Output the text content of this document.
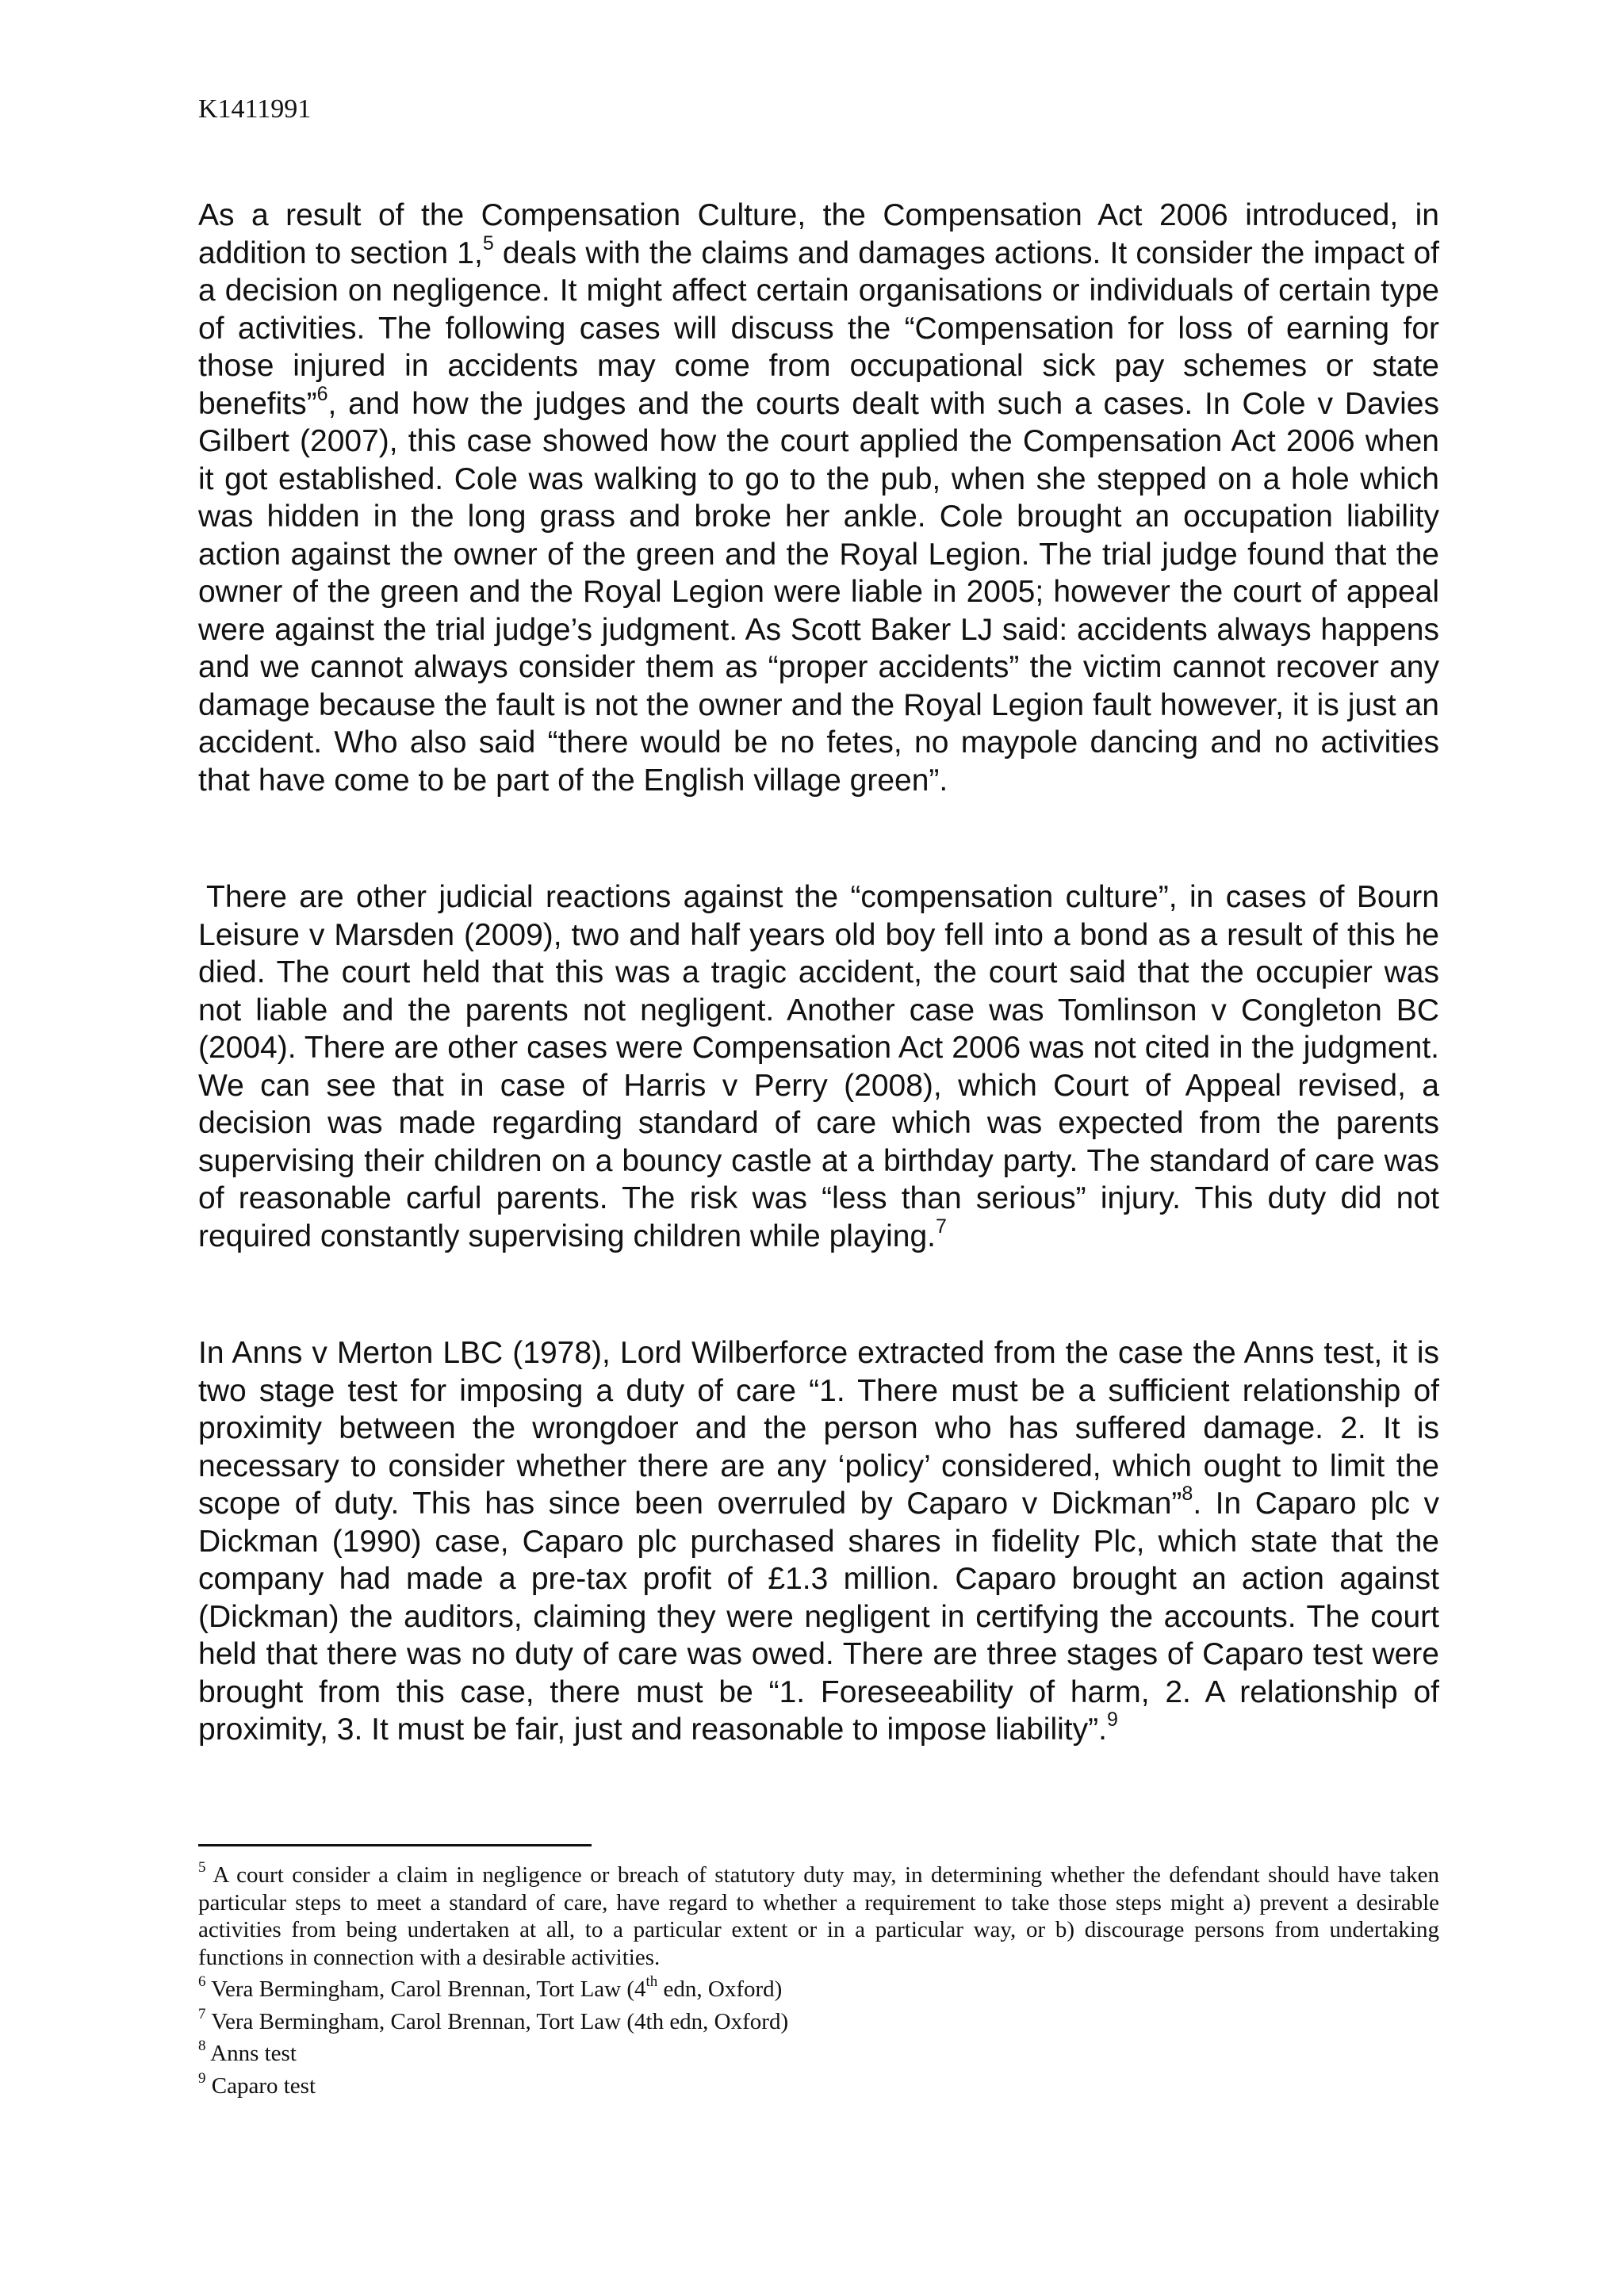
K1411991

As a result of the Compensation Culture, the Compensation Act 2006 introduced, in addition to section 1,$^5$ deals with the claims and damages actions. It consider the impact of a decision on negligence. It might affect certain organisations or individuals of certain type of activities. The following cases will discuss the “Compensation for loss of earning for those injured in accidents may come from occupational sick pay schemes or state benefits”$^6$, and how the judges and the courts dealt with such a cases. In Cole v Davies Gilbert (2007), this case showed how the court applied the Compensation Act 2006 when it got established. Cole was walking to go to the pub, when she stepped on a hole which was hidden in the long grass and broke her ankle. Cole brought an occupation liability action against the owner of the green and the Royal Legion. The trial judge found that the owner of the green and the Royal Legion were liable in 2005; however the court of appeal were against the trial judge’s judgment. As Scott Baker LJ said: accidents always happens and we cannot always consider them as “proper accidents” the victim cannot recover any damage because the fault is not the owner and the Royal Legion fault however, it is just an accident. Who also said “there would be no fetes, no maypole dancing and no activities that have come to be part of the English village green”.

There are other judicial reactions against the “compensation culture”, in cases of Bourn Leisure v Marsden (2009), two and half years old boy fell into a bond as a result of this he died. The court held that this was a tragic accident, the court said that the occupier was not liable and the parents not negligent. Another case was Tomlinson v Congleton BC (2004). There are other cases were Compensation Act 2006 was not cited in the judgment. We can see that in case of Harris v Perry (2008), which Court of Appeal revised, a decision was made regarding standard of care which was expected from the parents supervising their children on a bouncy castle at a birthday party. The standard of care was of reasonable carful parents. The risk was “less than serious” injury. This duty did not required constantly supervising children while playing.$^7$

In Anns v Merton LBC (1978), Lord Wilberforce extracted from the case the Anns test, it is two stage test for imposing a duty of care “1. There must be a sufficient relationship of proximity between the wrongdoer and the person who has suffered damage. 2. It is necessary to consider whether there are any ‘policy’ considered, which ought to limit the scope of duty. This has since been overruled by Caparo v Dickman”$^8$. In Caparo plc v Dickman (1990) case, Caparo plc purchased shares in fidelity Plc, which state that the company had made a pre-tax profit of £1.3 million. Caparo brought an action against (Dickman) the auditors, claiming they were negligent in certifying the accounts. The court held that there was no duty of care was owed. There are three stages of Caparo test were brought from this case, there must be “1. Foreseeability of harm, 2. A relationship of proximity, 3. It must be fair, just and reasonable to impose liability”.$^9$

$^5$ A court consider a claim in negligence or breach of statutory duty may, in determining whether the defendant should have taken particular steps to meet a standard of care, have regard to whether a requirement to take those steps might a) prevent a desirable activities from being undertaken at all, to a particular extent or in a particular way, or b) discourage persons from undertaking functions in connection with a desirable activities.

$^6$ Vera Bermingham, Carol Brennan, Tort Law (4th edn, Oxford)

$^7$ Vera Bermingham, Carol Brennan, Tort Law (4th edn, Oxford)

$^8$ Anns test

$^9$ Caparo test
